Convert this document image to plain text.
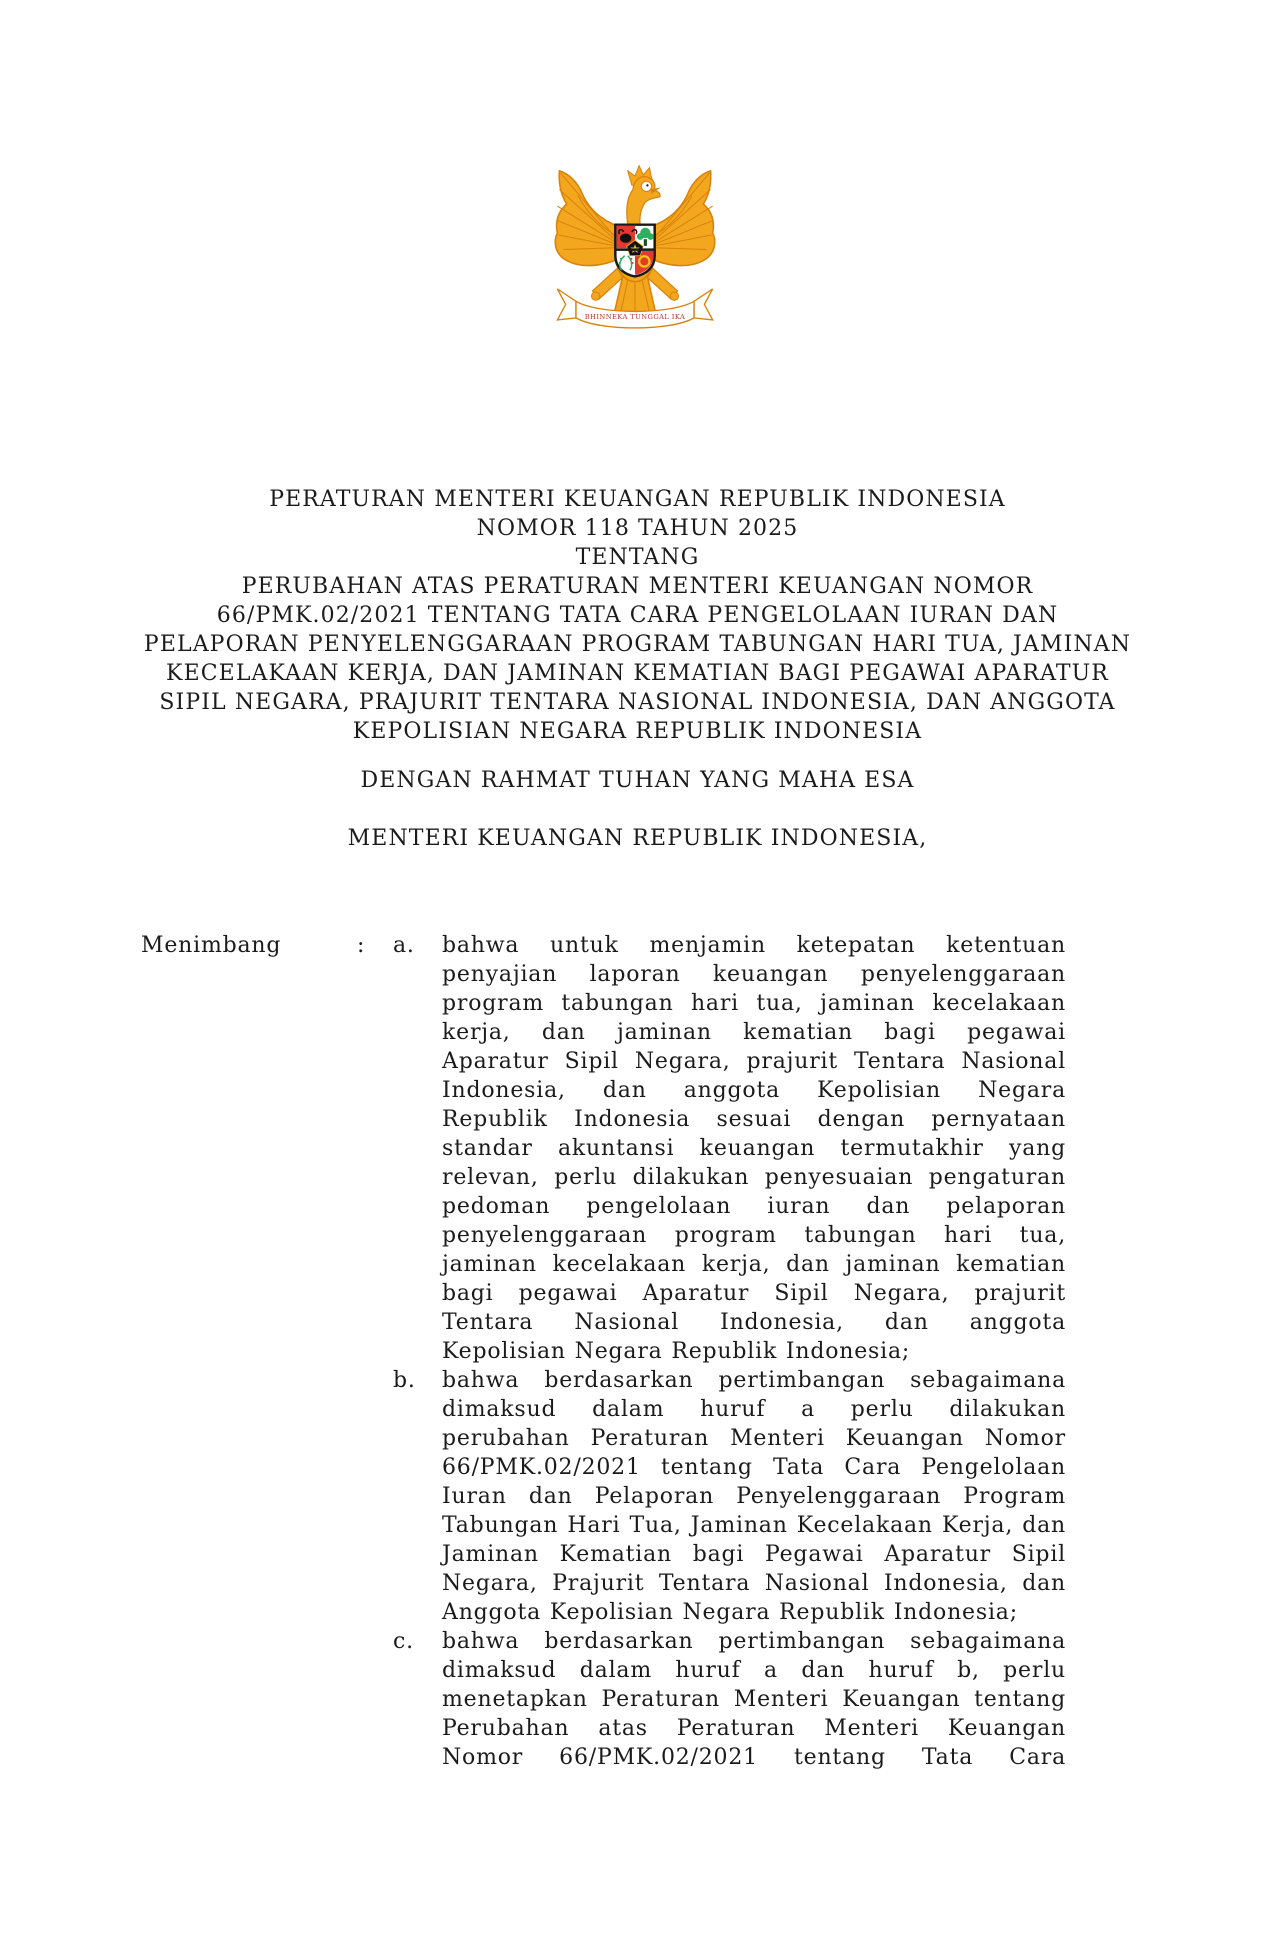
BHINNEKA TUNGGAL IKA
PERATURAN MENTERI KEUANGAN REPUBLIK INDONESIA
NOMOR 118 TAHUN 2025
TENTANG
PERUBAHAN ATAS PERATURAN MENTERI KEUANGAN NOMOR
66/PMK.02/2021 TENTANG TATA CARA PENGELOLAAN IURAN DAN
PELAPORAN PENYELENGGARAAN PROGRAM TABUNGAN HARI TUA, JAMINAN
KECELAKAAN KERJA, DAN JAMINAN KEMATIAN BAGI PEGAWAI APARATUR
SIPIL NEGARA, PRAJURIT TENTARA NASIONAL INDONESIA, DAN ANGGOTA
KEPOLISIAN NEGARA REPUBLIK INDONESIA
DENGAN RAHMAT TUHAN YANG MAHA ESA
MENTERI KEUANGAN REPUBLIK INDONESIA,
Menimbang	:	a.	bahwa untuk menjamin ketepatan ketentuan penyajian laporan keuangan penyelenggaraan program tabungan hari tua, jaminan kecelakaan kerja, dan jaminan kematian bagi pegawai Aparatur Sipil Negara, prajurit Tentara Nasional Indonesia, dan anggota Kepolisian Negara Republik Indonesia sesuai dengan pernyataan standar akuntansi keuangan termutakhir yang relevan, perlu dilakukan penyesuaian pengaturan pedoman pengelolaan iuran dan pelaporan penyelenggaraan program tabungan hari tua, jaminan kecelakaan kerja, dan jaminan kematian bagi pegawai Aparatur Sipil Negara, prajurit Tentara Nasional Indonesia, dan anggota Kepolisian Negara Republik Indonesia;
b.	bahwa berdasarkan pertimbangan sebagaimana dimaksud dalam huruf a perlu dilakukan perubahan Peraturan Menteri Keuangan Nomor 66/PMK.02/2021 tentang Tata Cara Pengelolaan Iuran dan Pelaporan Penyelenggaraan Program Tabungan Hari Tua, Jaminan Kecelakaan Kerja, dan Jaminan Kematian bagi Pegawai Aparatur Sipil Negara, Prajurit Tentara Nasional Indonesia, dan Anggota Kepolisian Negara Republik Indonesia;
c.	bahwa berdasarkan pertimbangan sebagaimana dimaksud dalam huruf a dan huruf b, perlu menetapkan Peraturan Menteri Keuangan tentang Perubahan atas Peraturan Menteri Keuangan Nomor 66/PMK.02/2021 tentang Tata Cara
